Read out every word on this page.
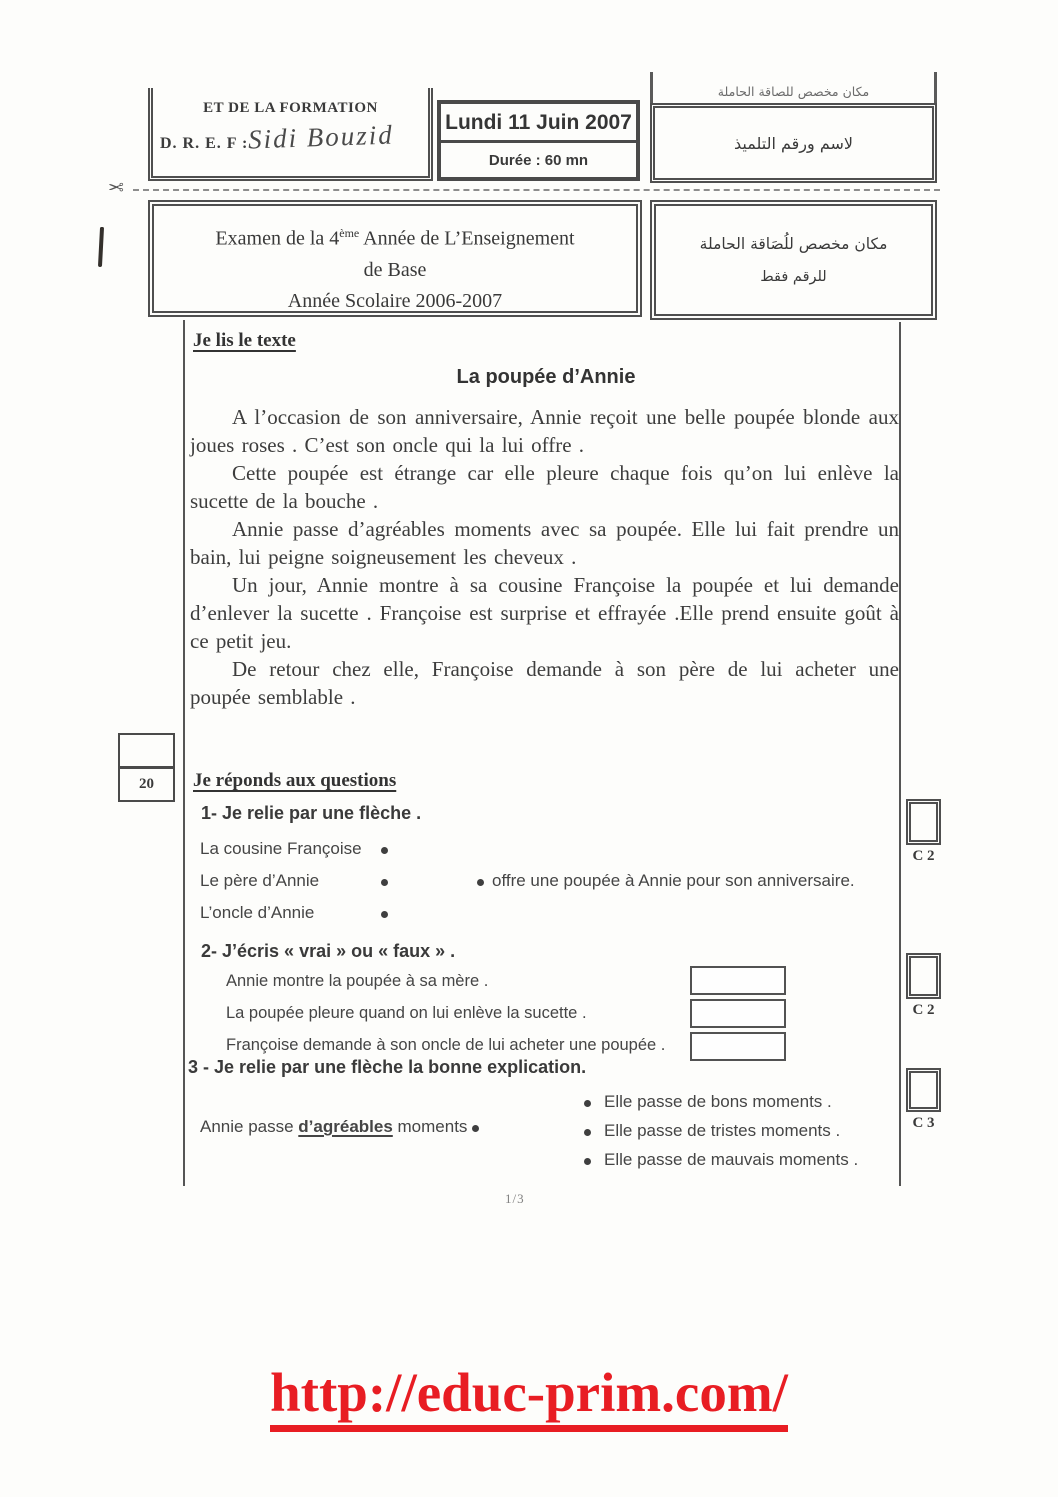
ET DE LA FORMATION
D. R. E. F : Sidi Bouzid Lundi 11 Juin 2007
Durée : 60 mn
مكان مخصص للصاقة الحاملة
لاسم ورقم التلميذ
✂
Examen de la 4ème Année de L’Enseignement
de Base
Année Scolaire 2006-2007
مكان مخصص للُصَاقة الحاملة
للرقم فقط
Je lis le texte
La poupée d’Annie

A l’occasion de son anniversaire, Annie reçoit une belle poupée blonde aux joues roses . C’est son oncle qui la lui offre .

Cette poupée est étrange car elle pleure chaque fois qu’on lui enlève la sucette de la bouche .

Annie passe d’agréables moments avec sa poupée. Elle lui fait prendre un bain, lui peigne soigneusement les cheveux .

Un jour, Annie montre à sa cousine Françoise la poupée et lui demande d’enlever la sucette . Françoise est surprise et effrayée .Elle prend ensuite goût à ce petit jeu.

De retour chez elle, Françoise demande à son père de lui acheter une poupée semblable .

20	Je réponds aux questions
1- Je relie par une flèche .
La cousine Françoise
Le père d’Annie
L’oncle d’Annie
offre une poupée à Annie pour son anniversaire.
2- J’écris « vrai » ou « faux » .
Annie montre la poupée à sa mère .
La poupée pleure quand on lui enlève la sucette .
Françoise demande à son oncle de lui acheter une poupée .
3 - Je relie par une flèche la bonne explication.
Annie passe d’agréables moments
Elle passe de bons moments .
Elle passe de tristes moments .
Elle passe de mauvais moments .
C 2
C 2
C 3
1/3
http://educ-prim.com/
